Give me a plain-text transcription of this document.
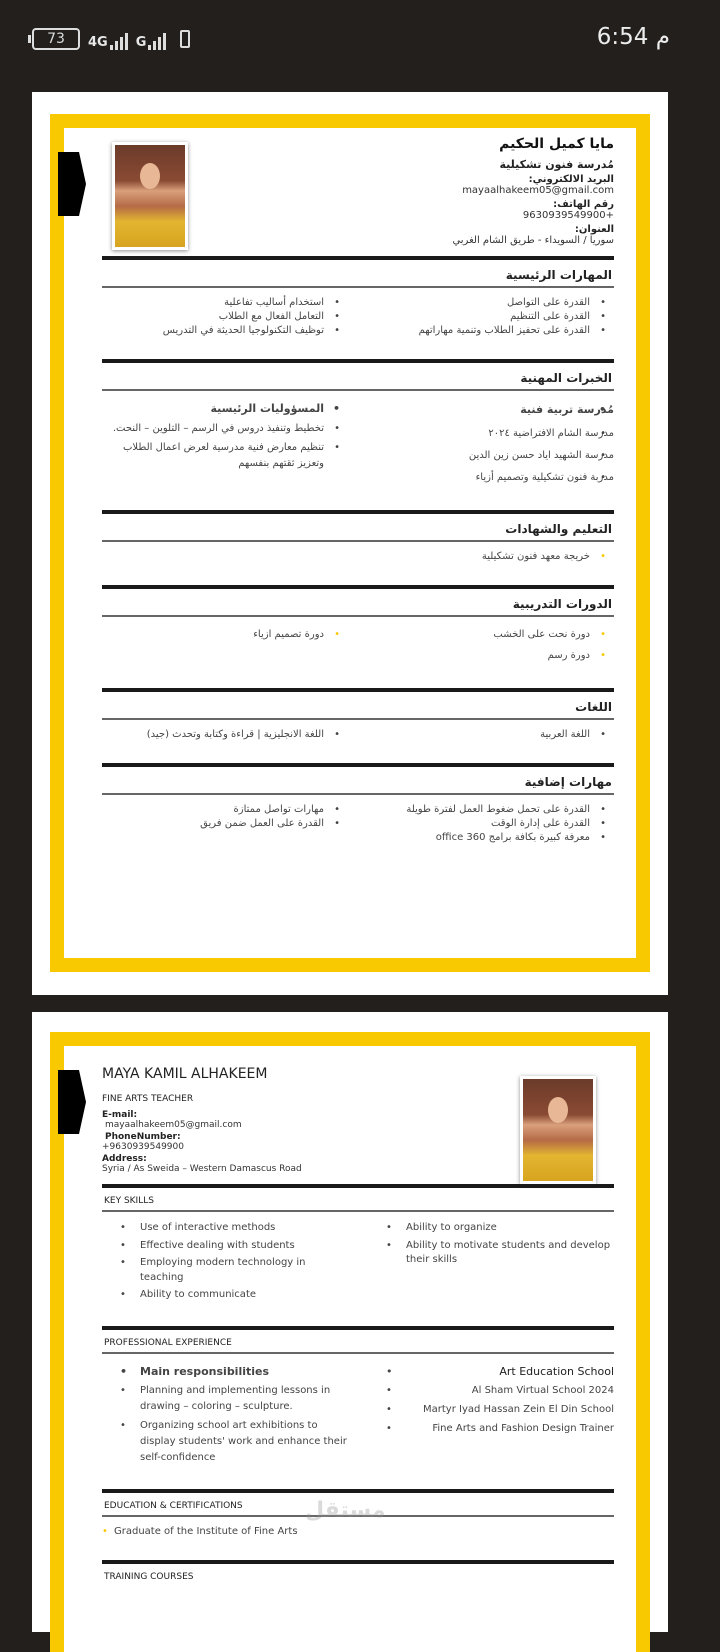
73	4G G	6:54 م
مايا كميل الحكيم
مُدرسة فنون تشكيلية
البريد الالكتروني:
mayaalhakeem05@gmail.com
رقم الهاتف:
+9630939549900
العنوان:
سوريا / السويداء - طريق الشام الغربي
المهارات الرئيسية
• القدرة على التواصل
• القدرة على التنظيم
• القدرة على تحفيز الطلاب وتنمية مهاراتهم
• استخدام أساليب تفاعلية
• التعامل الفعال مع الطلاب
• توظيف التكنولوجيا الحديثة في التدريس
الخبرات المهنية
• مُدرسة تربية فنية
• مدرسة الشام الافتراضية ٢٠٢٤
• مدرسة الشهيد اياد حسن زين الدين
• مدربة فنون تشكيلية وتصميم أزياء
• المسؤوليات الرئيسية
• تخطيط وتنفيذ دروس في الرسم – التلوين – النحت.
• تنظيم معارض فنية مدرسية لعرض اعمال الطلاب وتعزيز ثقتهم بنفسهم
التعليم والشهادات
• خريجة معهد فنون تشكيلية
الدورات التدريبية
• دورة نحت على الخشب
• دورة رسم
• دورة تصميم ازياء
اللغات
• اللغة العربية
• اللغة الانجليزية | قراءة وكتابة وتحدث (جيد)
مهارات إضافية
• القدرة على تحمل ضغوط العمل لفترة طويلة
• القدرة على إدارة الوقت
• معرفة كبيرة بكافة برامج office 360
• مهارات تواصل ممتازة
• القدرة على العمل ضمن فريق
MAYA KAMIL ALHAKEEM
FINE ARTS TEACHER
E-mail:
mayaalhakeem05@gmail.com
PhoneNumber:
+9630939549900
Address:
Syria / As Sweida – Western Damascus Road
KEY SKILLS
• Use of interactive methods
• Effective dealing with students
• Employing modern technology in teaching
• Ability to communicate
• Ability to organize
• Ability to motivate students and develop their skills
PROFESSIONAL EXPERIENCE
• Main responsibilities
• Planning and implementing lessons in drawing – coloring – sculpture.
• Organizing school art exhibitions to display students' work and enhance their self-confidence
• Art Education School
• Al Sham Virtual School 2024
• Martyr Iyad Hassan Zein El Din School
• Fine Arts and Fashion Design Trainer
EDUCATION & CERTIFICATIONS
• Graduate of the Institute of Fine Arts
TRAINING COURSES
مستقل
